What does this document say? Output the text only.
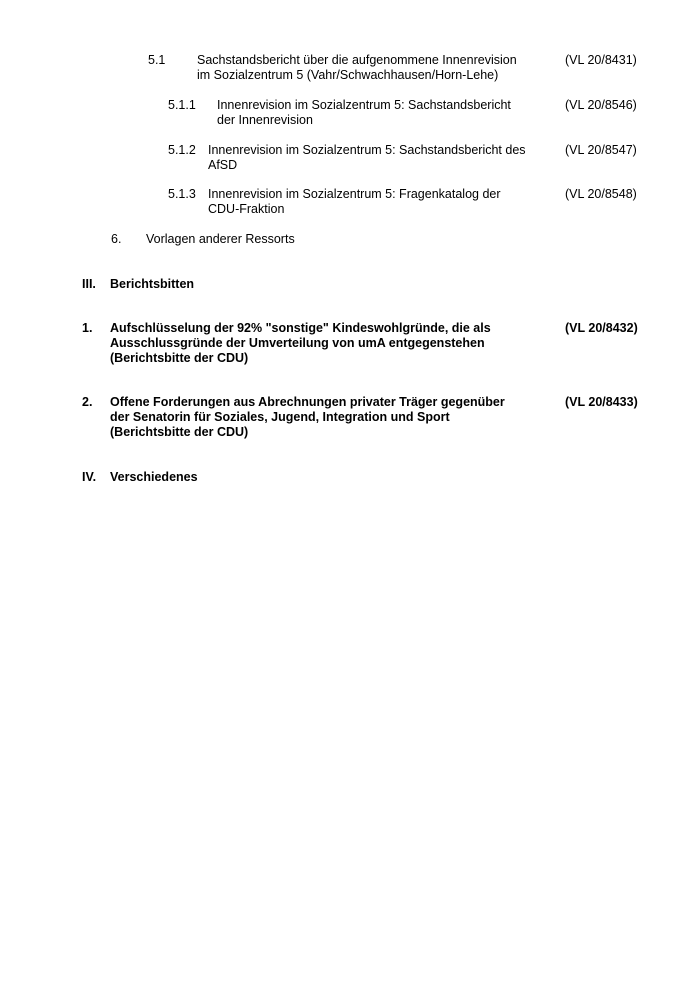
5.1	Sachstandsbericht über die aufgenommene Innenrevision
im Sozialzentrum 5 (Vahr/Schwachhausen/Horn-Lehe)
(VL 20/8431)
5.1.1 Innenrevision im Sozialzentrum 5: Sachstandsbericht
der Innenrevision
(VL 20/8546)
5.1.2 Innenrevision im Sozialzentrum 5: Sachstandsbericht des
AfSD
(VL 20/8547)
5.1.3 Innenrevision im Sozialzentrum 5: Fragenkatalog der
CDU-Fraktion
(VL 20/8548)
6. Vorlagen anderer Ressorts
III. Berichtsbitten
1. Aufschlüsselung der 92% "sonstige" Kindeswohlgründe, die als
Ausschlussgründe der Umverteilung von umA entgegenstehen
(Berichtsbitte der CDU)
(VL 20/8432)
2. Offene Forderungen aus Abrechnungen privater Träger gegenüber
der Senatorin für Soziales, Jugend, Integration und Sport
(Berichtsbitte der CDU)
(VL 20/8433)
IV. Verschiedenes
